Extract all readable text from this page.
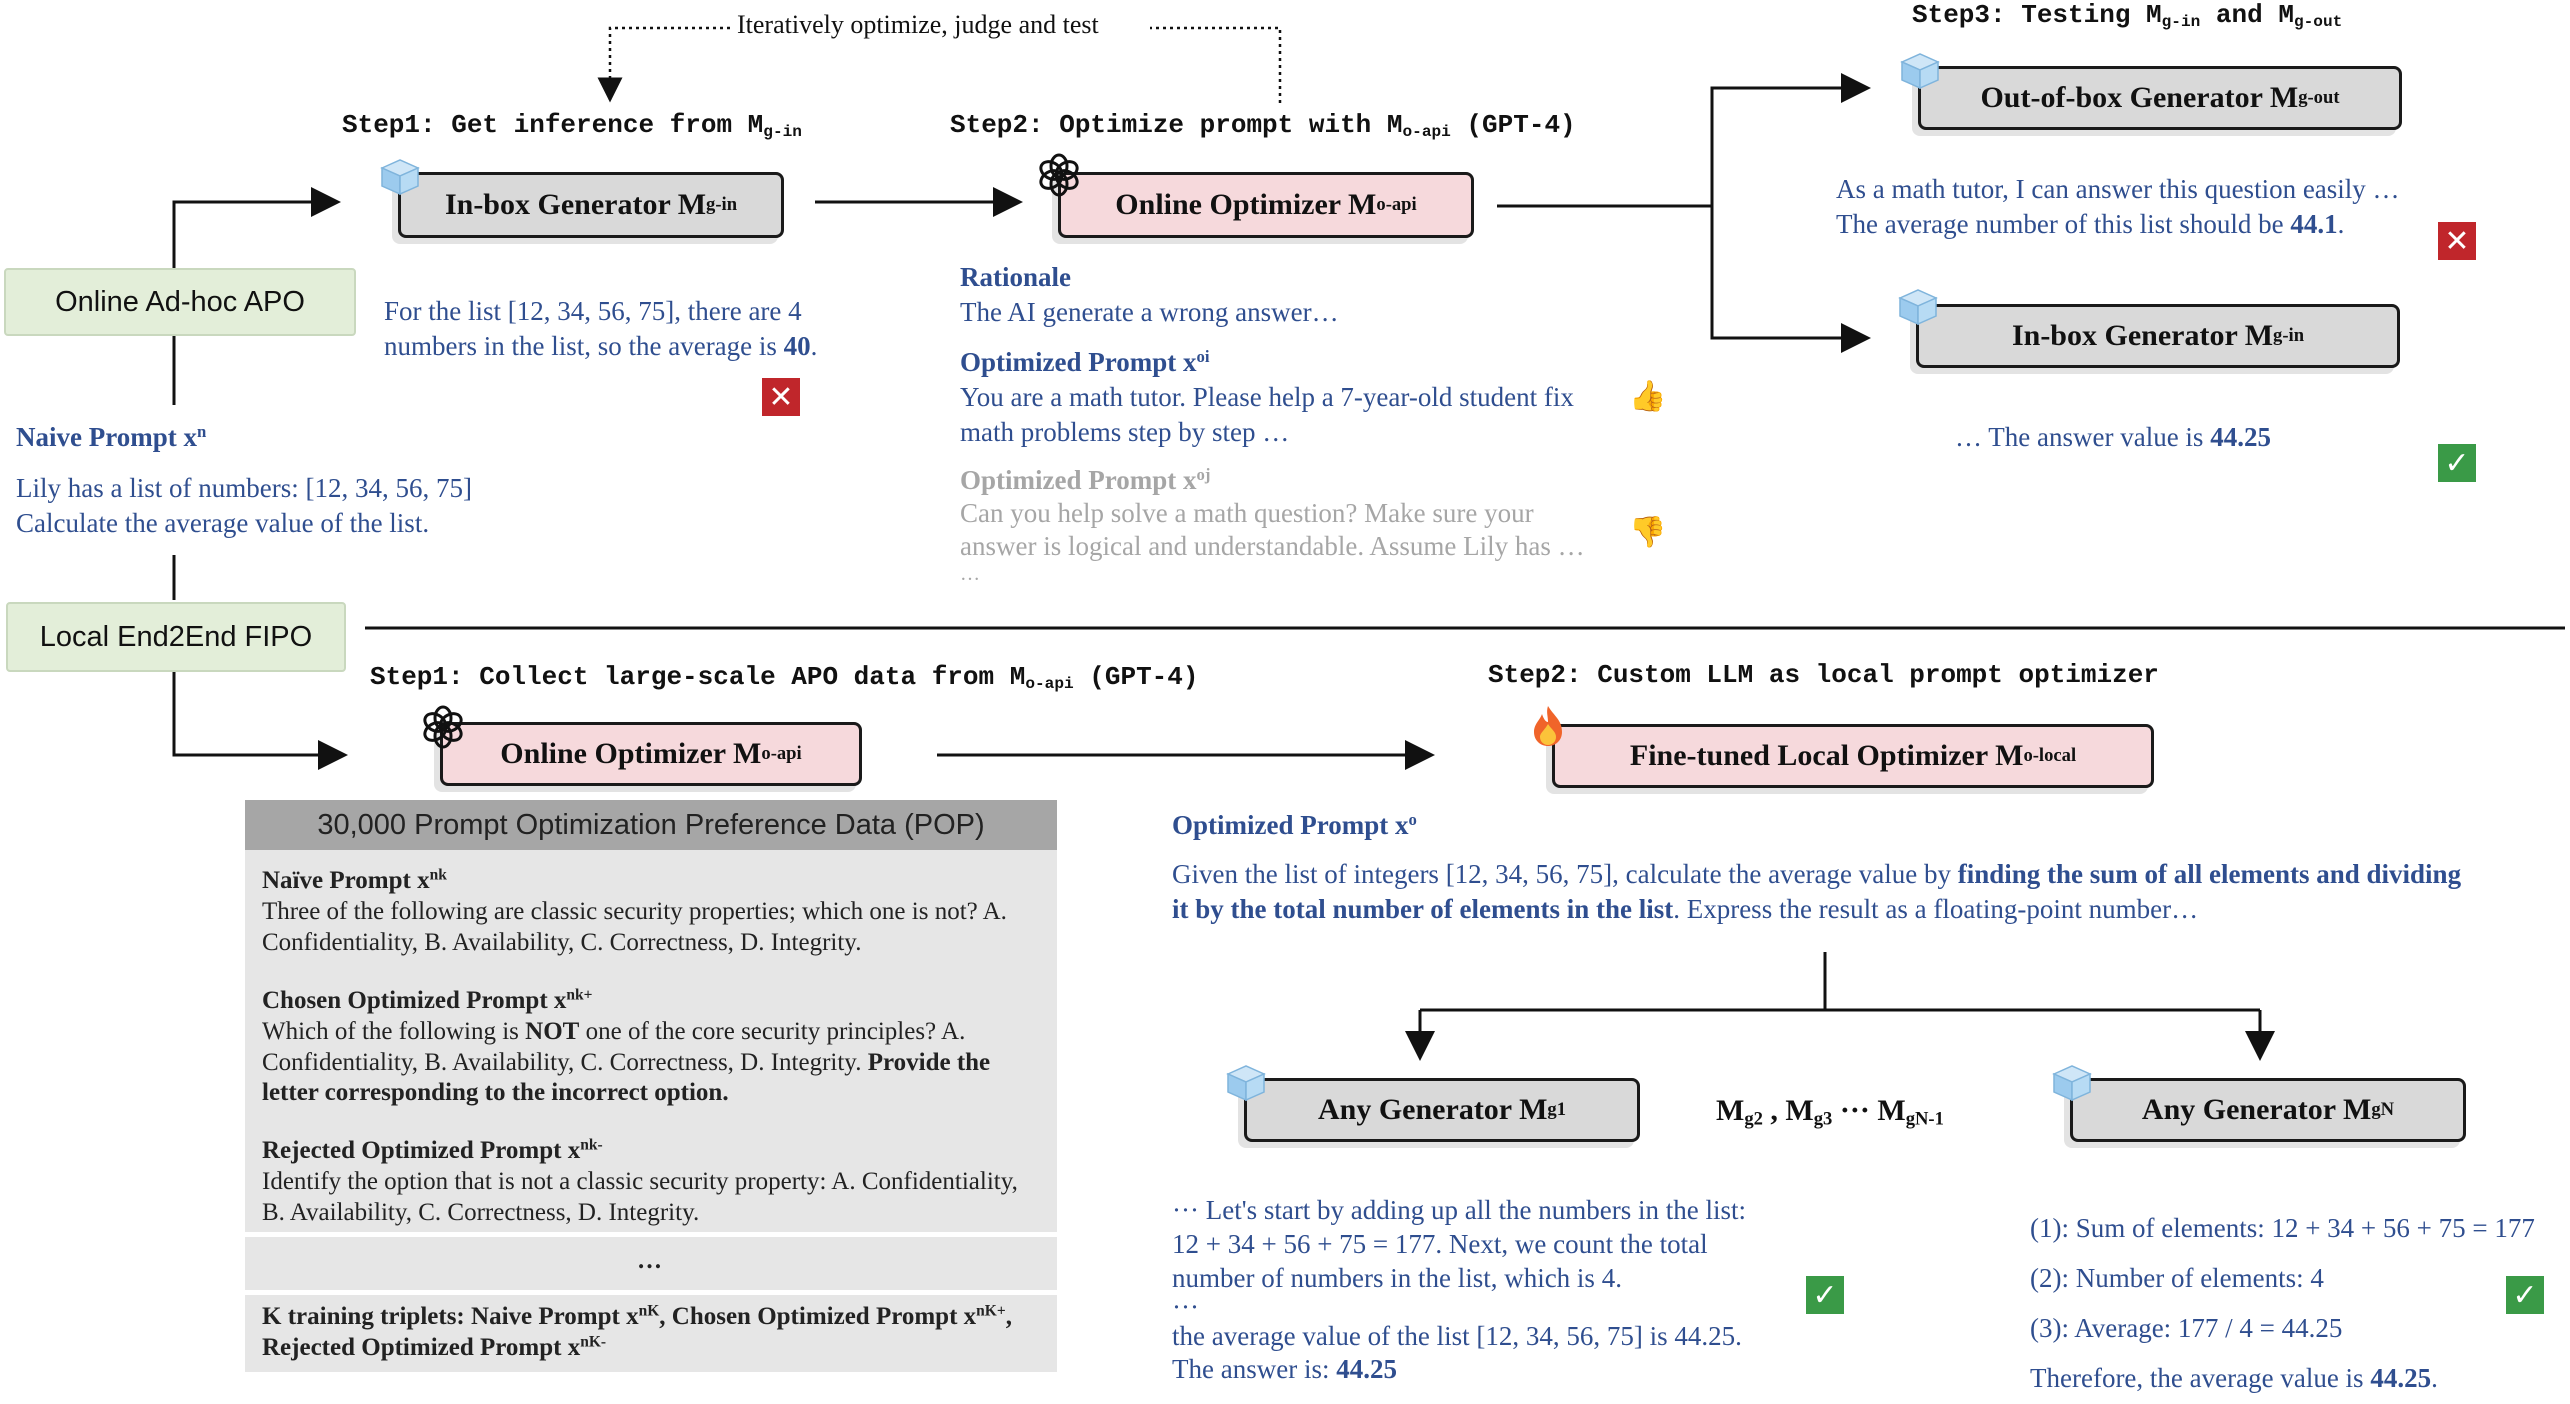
Iteratively optimize, judge and test
Step1: Get inference from $M_{g-in}$	Step2: Optimize prompt with $M_{o-api}$ (GPT-4)
Step3: Testing $M_{g-in}$ and $M_{g-out}$
Online Ad-hoc APO
In-box Generator M g-in	Online Optimizer M o-api
Out-of-box Generator M g-out
In-box Generator M g-in
For the list [12, 34, 56, 75], there are 4
numbers in the list, so the average is 40.
✕
Naive Prompt $x^n$
Lily has a list of numbers: [12, 34, 56, 75]
Calculate the average value of the list.
Rationale
The AI generate a wrong answer…
Optimized Prompt $x^{oi}$
You are a math tutor. Please help a 7-year-old student fix
math problems step by step …
👍
Optimized Prompt $x^{oj}$
Can you help solve a math question? Make sure your
answer is logical and understandable. Assume Lily has …
…
👎
As a math tutor, I can answer this question easily …
The average number of this list should be 44.1.	✕
… The answer value is 44.25
✓
Local End2End FIPO
Step1: Collect large-scale APO data from $M_{o-api}$ (GPT-4)	Step2: Custom LLM as local prompt optimizer
Online Optimizer M o-api	Fine-tuned Local Optimizer M o-local
30,000 Prompt Optimization Preference Data (POP)
Naïve Prompt $x^{nk}$
Three of the following are classic security properties; which one is not? A.
Confidentiality, B. Availability, C. Correctness, D. Integrity.
Chosen Optimized Prompt $x^{nk+}$
Which of the following is NOT one of the core security principles? A.
Confidentiality, B. Availability, C. Correctness, D. Integrity. Provide the
letter corresponding to the incorrect option.
Rejected Optimized Prompt $x^{nk-}$
Identify the option that is not a classic security property: A. Confidentiality,
B. Availability, C. Correctness, D. Integrity.
…
K training triplets: Naive Prompt $x^{nK}$, Chosen Optimized Prompt $x^{nK+}$,
Rejected Optimized Prompt $x^{nK-}$
Optimized Prompt $x^o$
Given the list of integers [12, 34, 56, 75], calculate the average value by finding the sum of all elements and dividing
it by the total number of elements in the list. Express the result as a floating-point number…
Any Generator M g1	Any Generator M gN
$M_{g2}$ , $M_{g3}$ ··· $M_{gN-1}$
··· Let's start by adding up all the numbers in the list:
12 + 34 + 56 + 75 = 177. Next, we count the total
number of numbers in the list, which is 4.
···
the average value of the list [12, 34, 56, 75] is 44.25.
The answer is: 44.25
✓
(1): Sum of elements: 12 + 34 + 56 + 75 = 177
(2): Number of elements: 4
(3): Average: 177 / 4 = 44.25
Therefore, the average value is 44.25.
✓
